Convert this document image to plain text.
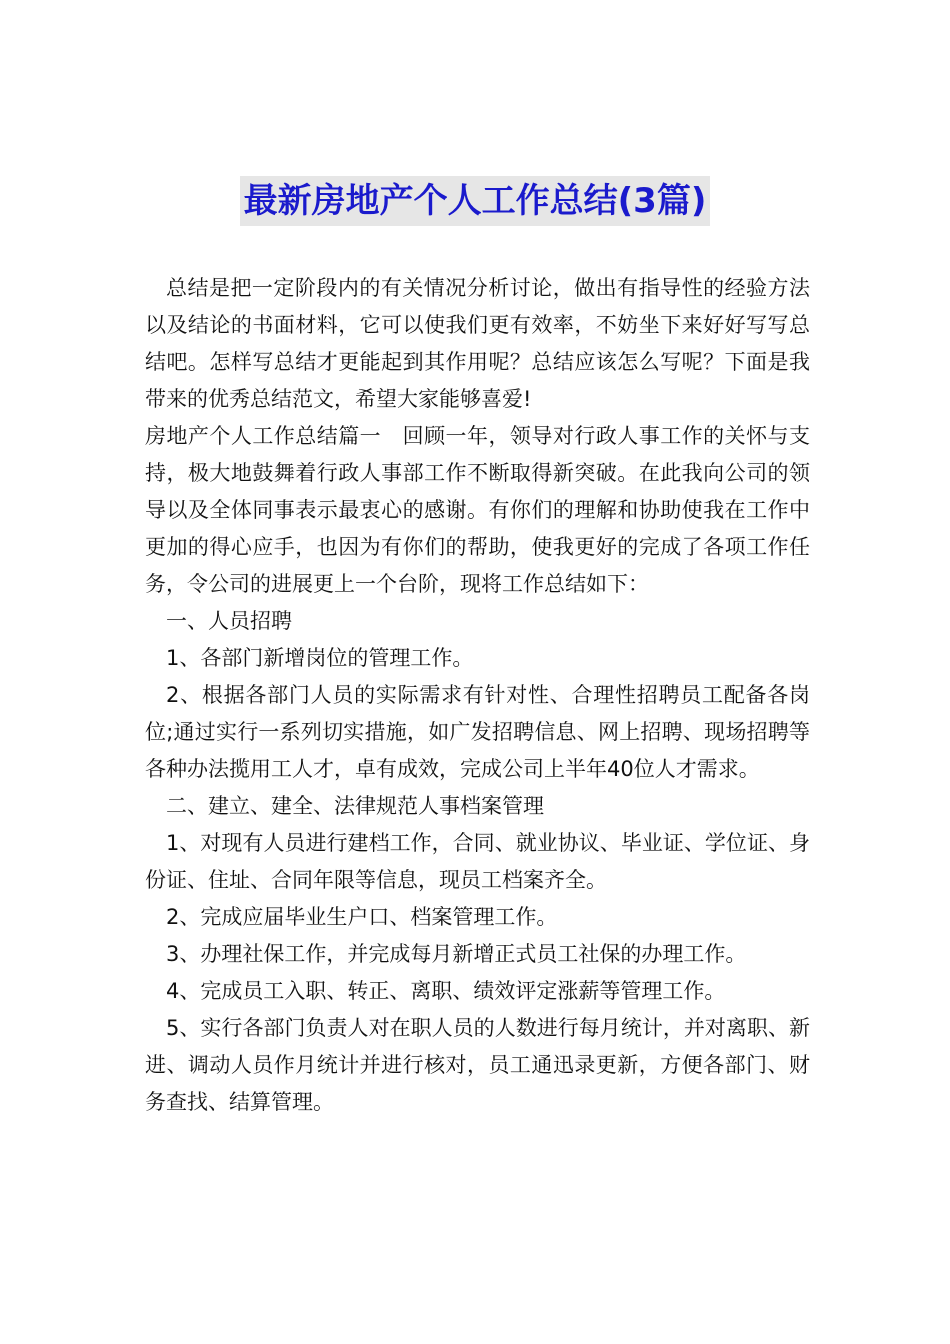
最新房地产个人工作总结(3篇)

总结是把一定阶段内的有关情况分析讨论，做出有指导性的经验方法以及结论的书面材料，它可以使我们更有效率，不妨坐下来好好写写总结吧。怎样写总结才更能起到其作用呢？总结应该怎么写呢？下面是我带来的优秀总结范文，希望大家能够喜爱!

房地产个人工作总结篇一　回顾一年，领导对行政人事工作的关怀与支持，极大地鼓舞着行政人事部工作不断取得新突破。在此我向公司的领导以及全体同事表示最衷心的感谢。有你们的理解和协助使我在工作中更加的得心应手，也因为有你们的帮助，使我更好的完成了各项工作任务，令公司的进展更上一个台阶，现将工作总结如下：

一、人员招聘

1、各部门新增岗位的管理工作。

2、根据各部门人员的实际需求有针对性、合理性招聘员工配备各岗位;通过实行一系列切实措施，如广发招聘信息、网上招聘、现场招聘等各种办法揽用工人才，卓有成效，完成公司上半年40位人才需求。

二、建立、建全、法律规范人事档案管理

1、对现有人员进行建档工作，合同、就业协议、毕业证、学位证、身份证、住址、合同年限等信息，现员工档案齐全。

2、完成应届毕业生户口、档案管理工作。

3、办理社保工作，并完成每月新增正式员工社保的办理工作。

4、完成员工入职、转正、离职、绩效评定涨薪等管理工作。

5、实行各部门负责人对在职人员的人数进行每月统计，并对离职、新进、调动人员作月统计并进行核对，员工通迅录更新，方便各部门、财务查找、结算管理。
